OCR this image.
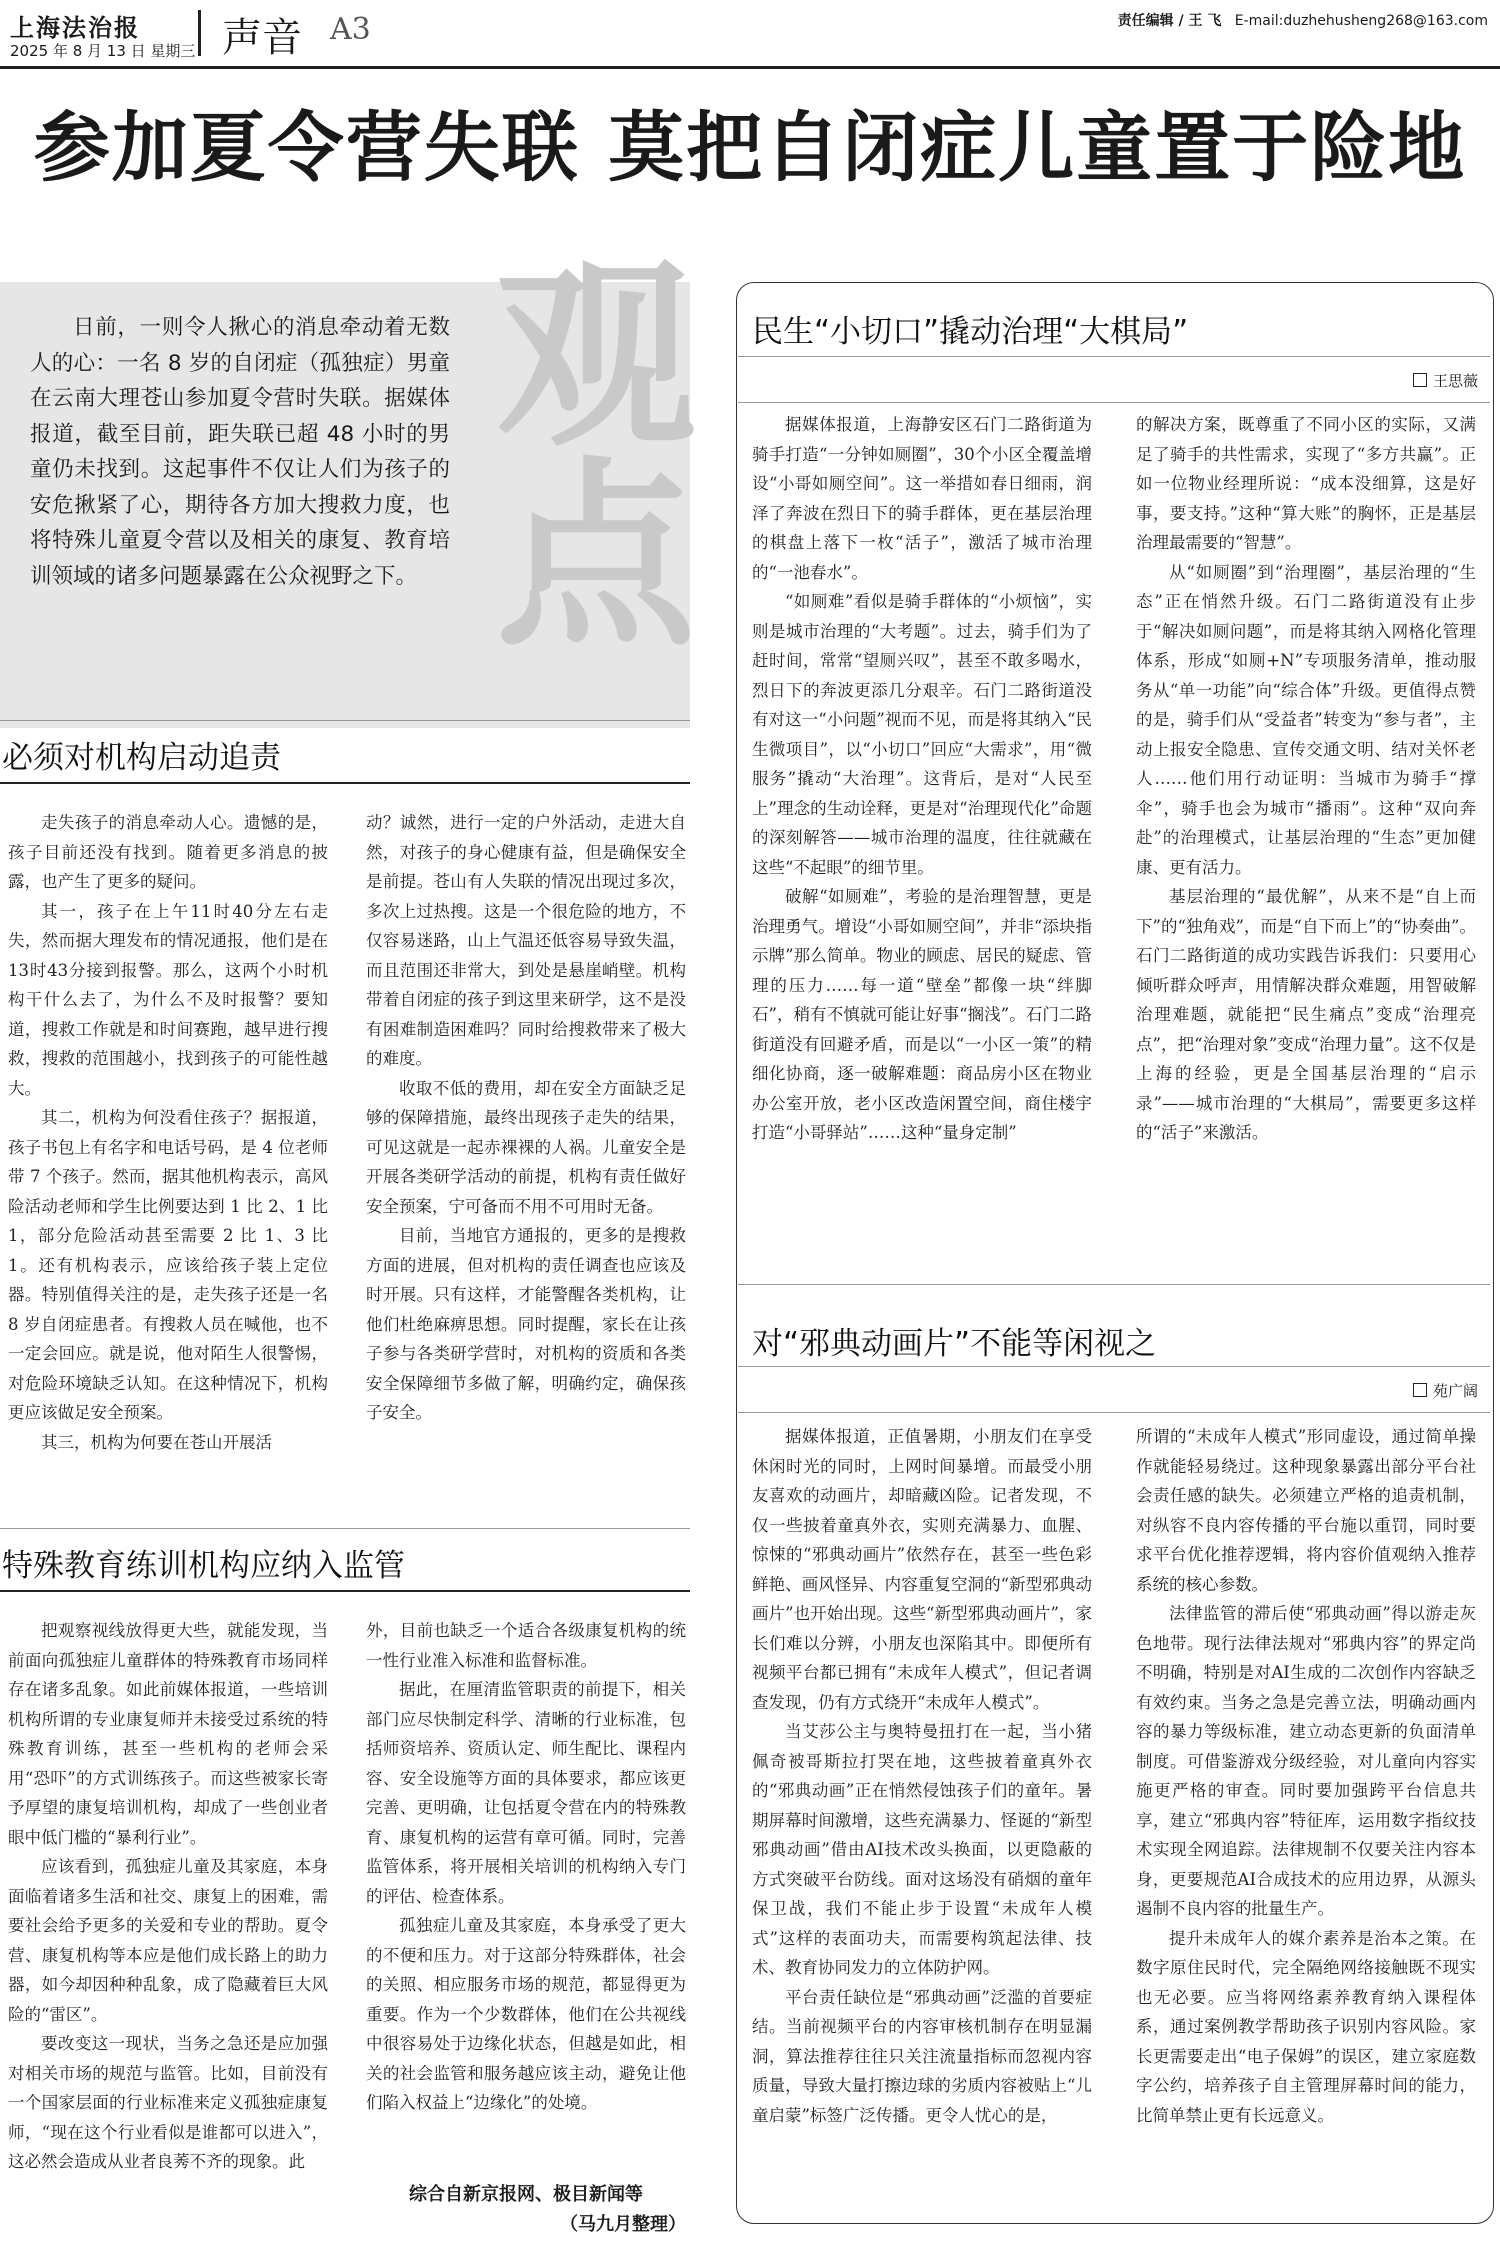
上海法治报
2025 年 8 月 13 日 星期三 声音 A3	责任编辑 / 王 飞 E-mail:duzhehusheng268@163.com
参加夏令营失联 莫把自闭症儿童置于险地
观点
日前，一则令人揪心的消息牵动着无数人的心：一名 8 岁的自闭症（孤独症）男童在云南大理苍山参加夏令营时失联。据媒体报道，截至目前，距失联已超 48 小时的男童仍未找到。这起事件不仅让人们为孩子的安危揪紧了心，期待各方加大搜救力度，也将特殊儿童夏令营以及相关的康复、教育培训领域的诸多问题暴露在公众视野之下。
必须对机构启动追责

走失孩子的消息牵动人心。遗憾的是，孩子目前还没有找到。随着更多消息的披露，也产生了更多的疑问。

其一，孩子在上午11时40分左右走失，然而据大理发布的情况通报，他们是在13时43分接到报警。那么，这两个小时机构干什么去了，为什么不及时报警？要知道，搜救工作就是和时间赛跑，越早进行搜救，搜救的范围越小，找到孩子的可能性越大。

其二，机构为何没看住孩子？据报道，孩子书包上有名字和电话号码，是 4 位老师带 7 个孩子。然而，据其他机构表示，高风险活动老师和学生比例要达到 1 比 2、1 比 1，部分危险活动甚至需要 2 比 1、3 比 1。还有机构表示，应该给孩子装上定位器。特别值得关注的是，走失孩子还是一名 8 岁自闭症患者。有搜救人员在喊他，也不一定会回应。就是说，他对陌生人很警惕，对危险环境缺乏认知。在这种情况下，机构更应该做足安全预案。

其三，机构为何要在苍山开展活

动？诚然，进行一定的户外活动，走进大自然，对孩子的身心健康有益，但是确保安全是前提。苍山有人失联的情况出现过多次，多次上过热搜。这是一个很危险的地方，不仅容易迷路，山上气温还低容易导致失温，而且范围还非常大，到处是悬崖峭壁。机构带着自闭症的孩子到这里来研学，这不是没有困难制造困难吗？同时给搜救带来了极大的难度。

收取不低的费用，却在安全方面缺乏足够的保障措施，最终出现孩子走失的结果，可见这就是一起赤裸裸的人祸。儿童安全是开展各类研学活动的前提，机构有责任做好安全预案，宁可备而不用不可用时无备。

目前，当地官方通报的，更多的是搜救方面的进展，但对机构的责任调查也应该及时开展。只有这样，才能警醒各类机构，让他们杜绝麻痹思想。同时提醒，家长在让孩子参与各类研学营时，对机构的资质和各类安全保障细节多做了解，明确约定，确保孩子安全。

特殊教育练训机构应纳入监管

把观察视线放得更大些，就能发现，当前面向孤独症儿童群体的特殊教育市场同样存在诸多乱象。如此前媒体报道，一些培训机构所谓的专业康复师并未接受过系统的特殊教育训练，甚至一些机构的老师会采用“恐吓”的方式训练孩子。而这些被家长寄予厚望的康复培训机构，却成了一些创业者眼中低门槛的“暴利行业”。

应该看到，孤独症儿童及其家庭，本身面临着诸多生活和社交、康复上的困难，需要社会给予更多的关爱和专业的帮助。夏令营、康复机构等本应是他们成长路上的助力器，如今却因种种乱象，成了隐藏着巨大风险的“雷区”。

要改变这一现状，当务之急还是应加强对相关市场的规范与监管。比如，目前没有一个国家层面的行业标准来定义孤独症康复师，“现在这个行业看似是谁都可以进入”，这必然会造成从业者良莠不齐的现象。此

外，目前也缺乏一个适合各级康复机构的统一性行业准入标准和监督标准。

据此，在厘清监管职责的前提下，相关部门应尽快制定科学、清晰的行业标准，包括师资培养、资质认定、师生配比、课程内容、安全设施等方面的具体要求，都应该更完善、更明确，让包括夏令营在内的特殊教育、康复机构的运营有章可循。同时，完善监管体系，将开展相关培训的机构纳入专门的评估、检查体系。

孤独症儿童及其家庭，本身承受了更大的不便和压力。对于这部分特殊群体，社会的关照、相应服务市场的规范，都显得更为重要。作为一个少数群体，他们在公共视线中很容易处于边缘化状态，但越是如此，相关的社会监管和服务越应该主动，避免让他们陷入权益上“边缘化”的处境。

综合自新京报网、极目新闻等
（马九月整理）
民生“小切口”撬动治理“大棋局”
王思薇

据媒体报道，上海静安区石门二路街道为骑手打造“一分钟如厕圈”，30个小区全覆盖增设“小哥如厕空间”。这一举措如春日细雨，润泽了奔波在烈日下的骑手群体，更在基层治理的棋盘上落下一枚“活子”，激活了城市治理的“一池春水”。

“如厕难”看似是骑手群体的“小烦恼”，实则是城市治理的“大考题”。过去，骑手们为了赶时间，常常“望厕兴叹”，甚至不敢多喝水，烈日下的奔波更添几分艰辛。石门二路街道没有对这一“小问题”视而不见，而是将其纳入“民生微项目”，以“小切口”回应“大需求”，用“微服务”撬动“大治理”。这背后，是对“人民至上”理念的生动诠释，更是对“治理现代化”命题的深刻解答——城市治理的温度，往往就藏在这些“不起眼”的细节里。

破解“如厕难”，考验的是治理智慧，更是治理勇气。增设“小哥如厕空间”，并非“添块指示牌”那么简单。物业的顾虑、居民的疑虑、管理的压力……每一道“壁垒”都像一块“绊脚石”，稍有不慎就可能让好事“搁浅”。石门二路街道没有回避矛盾，而是以“一小区一策”的精细化协商，逐一破解难题：商品房小区在物业办公室开放，老小区改造闲置空间，商住楼宇打造“小哥驿站”……这种“量身定制”

的解决方案，既尊重了不同小区的实际，又满足了骑手的共性需求，实现了“多方共赢”。正如一位物业经理所说：“成本没细算，这是好事，要支持。”这种“算大账”的胸怀，正是基层治理最需要的“智慧”。

从“如厕圈”到“治理圈”，基层治理的“生态”正在悄然升级。石门二路街道没有止步于“解决如厕问题”，而是将其纳入网格化管理体系，形成“如厕+N”专项服务清单，推动服务从“单一功能”向“综合体”升级。更值得点赞的是，骑手们从“受益者”转变为“参与者”，主动上报安全隐患、宣传交通文明、结对关怀老人……他们用行动证明：当城市为骑手“撑伞”，骑手也会为城市“播雨”。这种“双向奔赴”的治理模式，让基层治理的“生态”更加健康、更有活力。

基层治理的“最优解”，从来不是“自上而下”的“独角戏”，而是“自下而上”的“协奏曲”。石门二路街道的成功实践告诉我们：只要用心倾听群众呼声，用情解决群众难题，用智破解治理难题，就能把“民生痛点”变成“治理亮点”，把“治理对象”变成“治理力量”。这不仅是上海的经验，更是全国基层治理的“启示录”——城市治理的“大棋局”，需要更多这样的“活子”来激活。

对“邪典动画片”不能等闲视之
苑广阔

据媒体报道，正值暑期，小朋友们在享受休闲时光的同时，上网时间暴增。而最受小朋友喜欢的动画片，却暗藏凶险。记者发现，不仅一些披着童真外衣，实则充满暴力、血腥、惊悚的“邪典动画片”依然存在，甚至一些色彩鲜艳、画风怪异、内容重复空洞的“新型邪典动画片”也开始出现。这些“新型邪典动画片”，家长们难以分辨，小朋友也深陷其中。即便所有视频平台都已拥有“未成年人模式”，但记者调查发现，仍有方式绕开“未成年人模式”。

当艾莎公主与奥特曼扭打在一起，当小猪佩奇被哥斯拉打哭在地，这些披着童真外衣的“邪典动画”正在悄然侵蚀孩子们的童年。暑期屏幕时间激增，这些充满暴力、怪诞的“新型邪典动画”借由AI技术改头换面，以更隐蔽的方式突破平台防线。面对这场没有硝烟的童年保卫战，我们不能止步于设置“未成年人模式”这样的表面功夫，而需要构筑起法律、技术、教育协同发力的立体防护网。

平台责任缺位是“邪典动画”泛滥的首要症结。当前视频平台的内容审核机制存在明显漏洞，算法推荐往往只关注流量指标而忽视内容质量，导致大量打擦边球的劣质内容被贴上“儿童启蒙”标签广泛传播。更令人忧心的是，

所谓的“未成年人模式”形同虚设，通过简单操作就能轻易绕过。这种现象暴露出部分平台社会责任感的缺失。必须建立严格的追责机制，对纵容不良内容传播的平台施以重罚，同时要求平台优化推荐逻辑，将内容价值观纳入推荐系统的核心参数。

法律监管的滞后使“邪典动画”得以游走灰色地带。现行法律法规对“邪典内容”的界定尚不明确，特别是对AI生成的二次创作内容缺乏有效约束。当务之急是完善立法，明确动画内容的暴力等级标准，建立动态更新的负面清单制度。可借鉴游戏分级经验，对儿童向内容实施更严格的审查。同时要加强跨平台信息共享，建立“邪典内容”特征库，运用数字指纹技术实现全网追踪。法律规制不仅要关注内容本身，更要规范AI合成技术的应用边界，从源头遏制不良内容的批量生产。

提升未成年人的媒介素养是治本之策。在数字原住民时代，完全隔绝网络接触既不现实也无必要。应当将网络素养教育纳入课程体系，通过案例教学帮助孩子识别内容风险。家长更需要走出“电子保姆”的误区，建立家庭数字公约，培养孩子自主管理屏幕时间的能力，比简单禁止更有长远意义。
